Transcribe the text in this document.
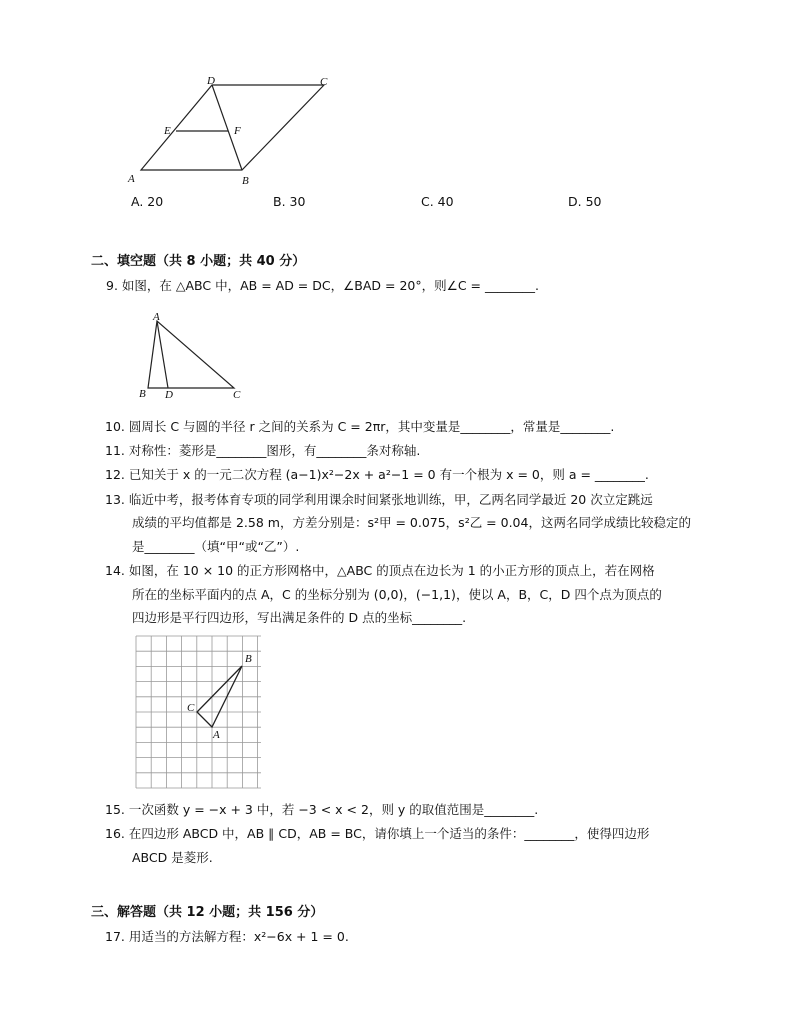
A	B
C
D
E	F
A. 20	B. 30	C. 40	D. 50
二、填空题（共 8 小题；共 40 分）
9. 如图，在 △ABC 中，AB = AD = DC，∠BAD = 20°，则∠C = ________.
A
B D	C
10. 圆周长 C 与圆的半径 r 之间的关系为 C = 2πr，其中变量是________，常量是________.
11. 对称性：菱形是________图形，有________条对称轴.
12. 已知关于 x 的一元二次方程 (a−1)x²−2x + a²−1 = 0 有一个根为 x = 0，则 a = ________.
13. 临近中考，报考体育专项的同学利用课余时间紧张地训练，甲，乙两名同学最近 20 次立定跳远
成绩的平均值都是 2.58 m，方差分别是：s²甲 = 0.075，s²乙 = 0.04，这两名同学成绩比较稳定的
是________（填“甲“或“乙”）.
14. 如图，在 10 × 10 的正方形网格中，△ABC 的顶点在边长为 1 的小正方形的顶点上，若在网格
所在的坐标平面内的点 A，C 的坐标分别为 (0,0)，(−1,1)，使以 A，B，C，D 四个点为顶点的
四边形是平行四边形，写出满足条件的 D 点的坐标________.
B
C
A
15. 一次函数 y = −x + 3 中，若 −3 < x < 2，则 y 的取值范围是________.
16. 在四边形 ABCD 中，AB ∥ CD，AB = BC，请你填上一个适当的条件：________，使得四边形
ABCD 是菱形.
三、解答题（共 12 小题；共 156 分）
17. 用适当的方法解方程：x²−6x + 1 = 0.
